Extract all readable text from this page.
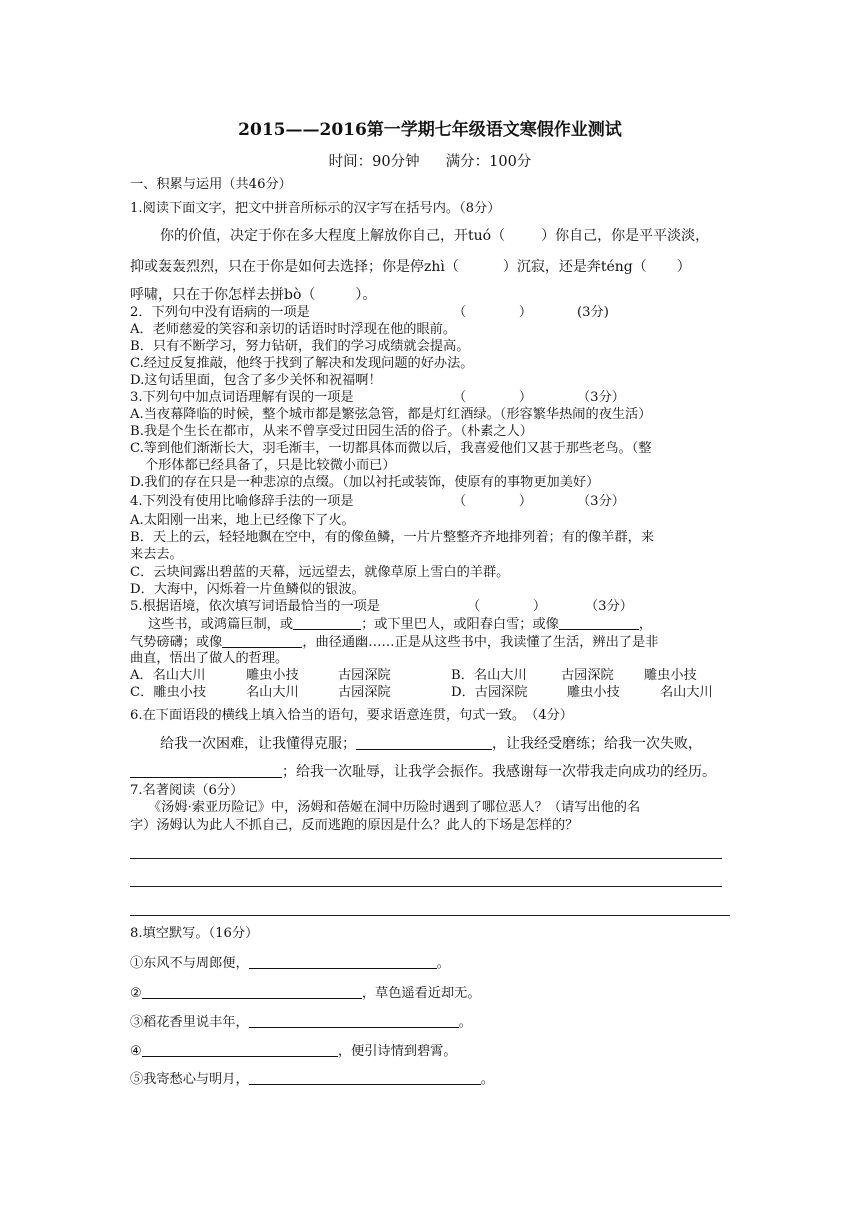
2015——2016第一学期七年级语文寒假作业测试
时间：90分钟 满分：100分
一、积累与运用（共46分）
1.阅读下面文字，把文中拼音所标示的汉字写在括号内。（8分）
你的价值，决定于你在多大程度上解放你自己，开tuó（	）你自己，你是平平淡淡，
抑或轰轰烈烈，只在于你是如何去选择；你是停zhì（	）沉寂，还是奔téng（ ）
呼啸，只在于你怎样去拼bò（	）。
2．下列句中没有语病的一项是	（　　　　）	(3分)
A．老师慈爱的笑容和亲切的话语时时浮现在他的眼前。
B．只有不断学习，努力钻研，我们的学习成绩就会提高。
C.经过反复推敲，他终于找到了解决和发现问题的好办法。
D.这句话里面，包含了多少关怀和祝福啊！
3.下列句中加点词语理解有误的一项是	（　　　　）	（3分）
A.当夜幕降临的时候，整个城市都是繁弦急管，都是灯红酒绿。（形容繁华热闹的夜生活）
B.我是个生长在都市，从来不曾享受过田园生活的俗子。（朴素之人）
C.等到他们渐渐长大，羽毛渐丰，一切都具体而微以后，我喜爱他们又甚于那些老鸟。（整
个形体都已经具备了，只是比较微小而已）
D.我们的存在只是一种悲凉的点缀。（加以衬托或装饰，使原有的事物更加美好）
4.下列没有使用比喻修辞手法的一项是	（　　　　）	（3分）
A.太阳刚一出来，地上已经像下了火。
B．天上的云，轻轻地飘在空中，有的像鱼鳞，一片片整整齐齐地排列着；有的像羊群，来
来去去。
C．云块间露出碧蓝的天幕，远远望去，就像草原上雪白的羊群。
D．大海中，闪烁着一片鱼鳞似的银波。
5.根据语境，依次填写词语最恰当的一项是	（　　　　）	（3分）
这些书，或鸿篇巨制，或	；或下里巴人，或阳春白雪；或像	，
气势磅礴；或像	，曲径通幽……正是从这些书中，我读懂了生活，辨出了是非
曲直，悟出了做人的哲理。
A．名山大川	雕虫小技	古园深院	B．名山大川	古园深院 雕虫小技
C．雕虫小技	名山大川	古园深院	D．古园深院	雕虫小技	名山大川
6.在下面语段的横线上填入恰当的语句，要求语意连贯，句式一致。　（4分）
给我一次困难，让我懂得克服；	，让我经受磨练；给我一次失败，
；给我一次耻辱，让我学会振作。我感谢每一次带我走向成功的经历。
7.名著阅读（6分）
《汤姆·索亚历险记》中，汤姆和蓓姬在洞中历险时遇到了哪位恶人？（请写出他的名
字）汤姆认为此人不抓自己，反而逃跑的原因是什么？此人的下场是怎样的？
8.填空默写。（16分）
①东风不与周郎便，	。
②	，草色遥看近却无。
③稻花香里说丰年，	。
④	，便引诗情到碧霄。
⑤我寄愁心与明月，	。
